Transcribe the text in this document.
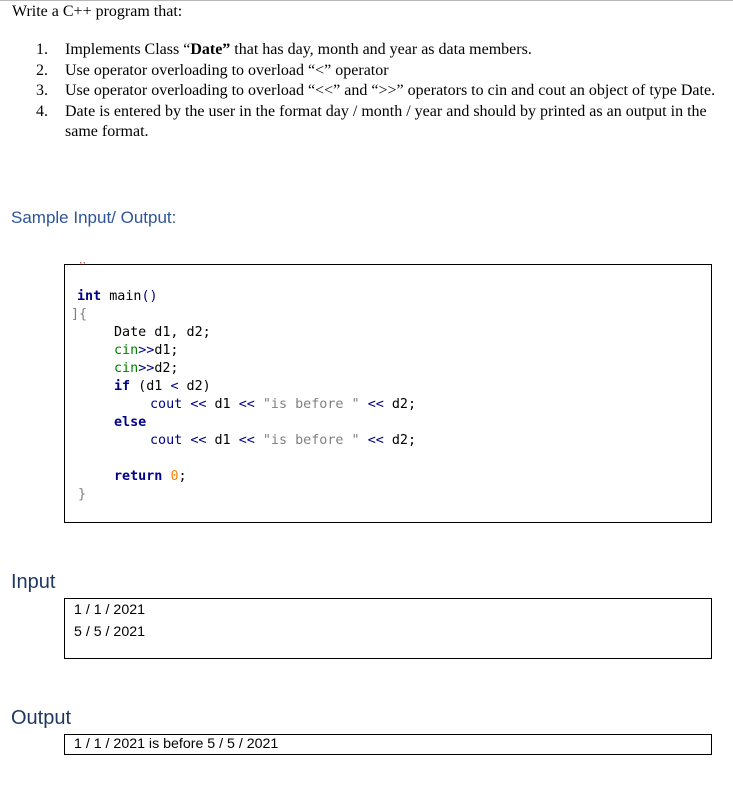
Write a C++ program that:
1. Implements Class “Date” that has day, month and year as data members.
2. Use operator overloading to overload “<” operator
3. Use operator overloading to overload “<<” and “>>” operators to cin and cout an object of type Date.
4. Date is entered by the user in the format day / month / year and should by printed as an output in the same format.
Sample Input/ Output:
ʼʼ
int main()
]{
Date d1, d2;
cin>>d1;
cin>>d2;
if (d1 < d2)
cout << d1 << "is before " << d2;
else
cout << d1 << "is before " << d2;
return 0;
}
Input
1 / 1 / 2021
5 / 5 / 2021
Output
1 / 1 / 2021 is before 5 / 5 / 2021
